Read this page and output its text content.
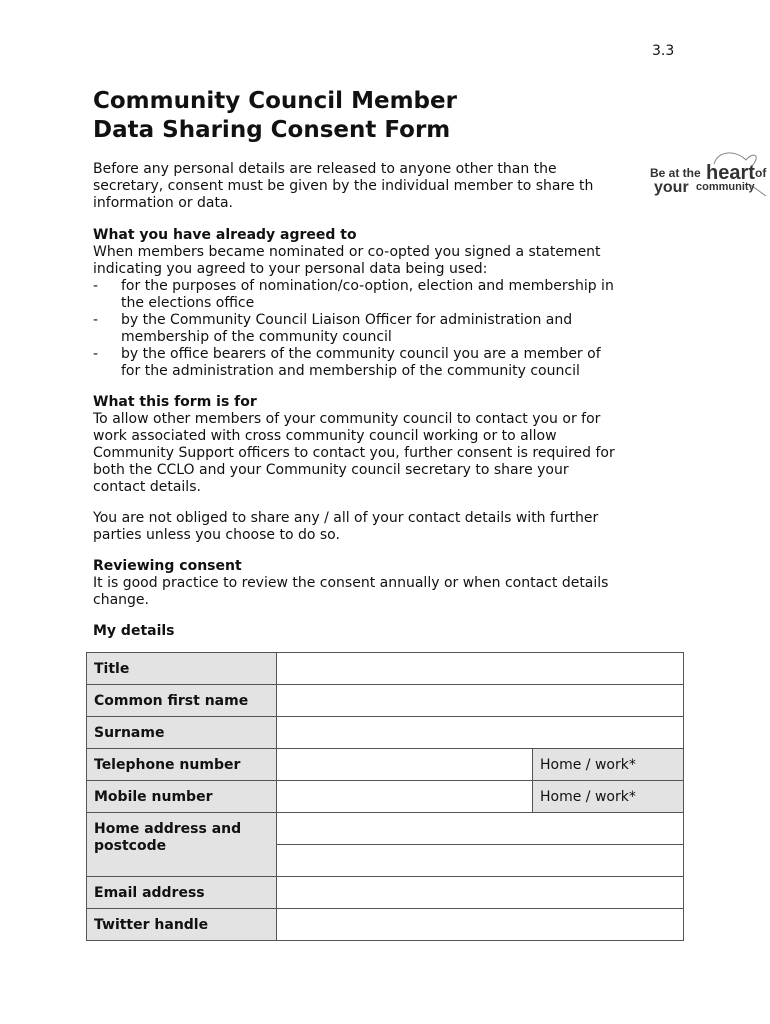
3.3
Community Council Member
Data Sharing Consent Form
Be at the heart of
your community

Before any personal details are released to anyone other than the
secretary, consent must be given by the individual member to share th
information or data.

What you have already agreed to
When members became nominated or co-opted you signed a statement
indicating you agreed to your personal data being used:

- for the purposes of nomination/co-option, election and membership in
the elections office
- by the Community Council Liaison Officer for administration and
membership of the community council
- by the office bearers of the community council you are a member of
for the administration and membership of the community council

What this form is for
To allow other members of your community council to contact you or for
work associated with cross community council working or to allow
Community Support officers to contact you, further consent is required for
both the CCLO and your Community council secretary to share your
contact details.

You are not obliged to share any / all of your contact details with further
parties unless you choose to do so.

Reviewing consent
It is good practice to review the consent annually or when contact details
change.

My details

Title		
Common first name		
Surname		
Telephone number		Home / work*
Mobile number		Home / work*
Home address and
postcode		

Email address		
Twitter handle		
